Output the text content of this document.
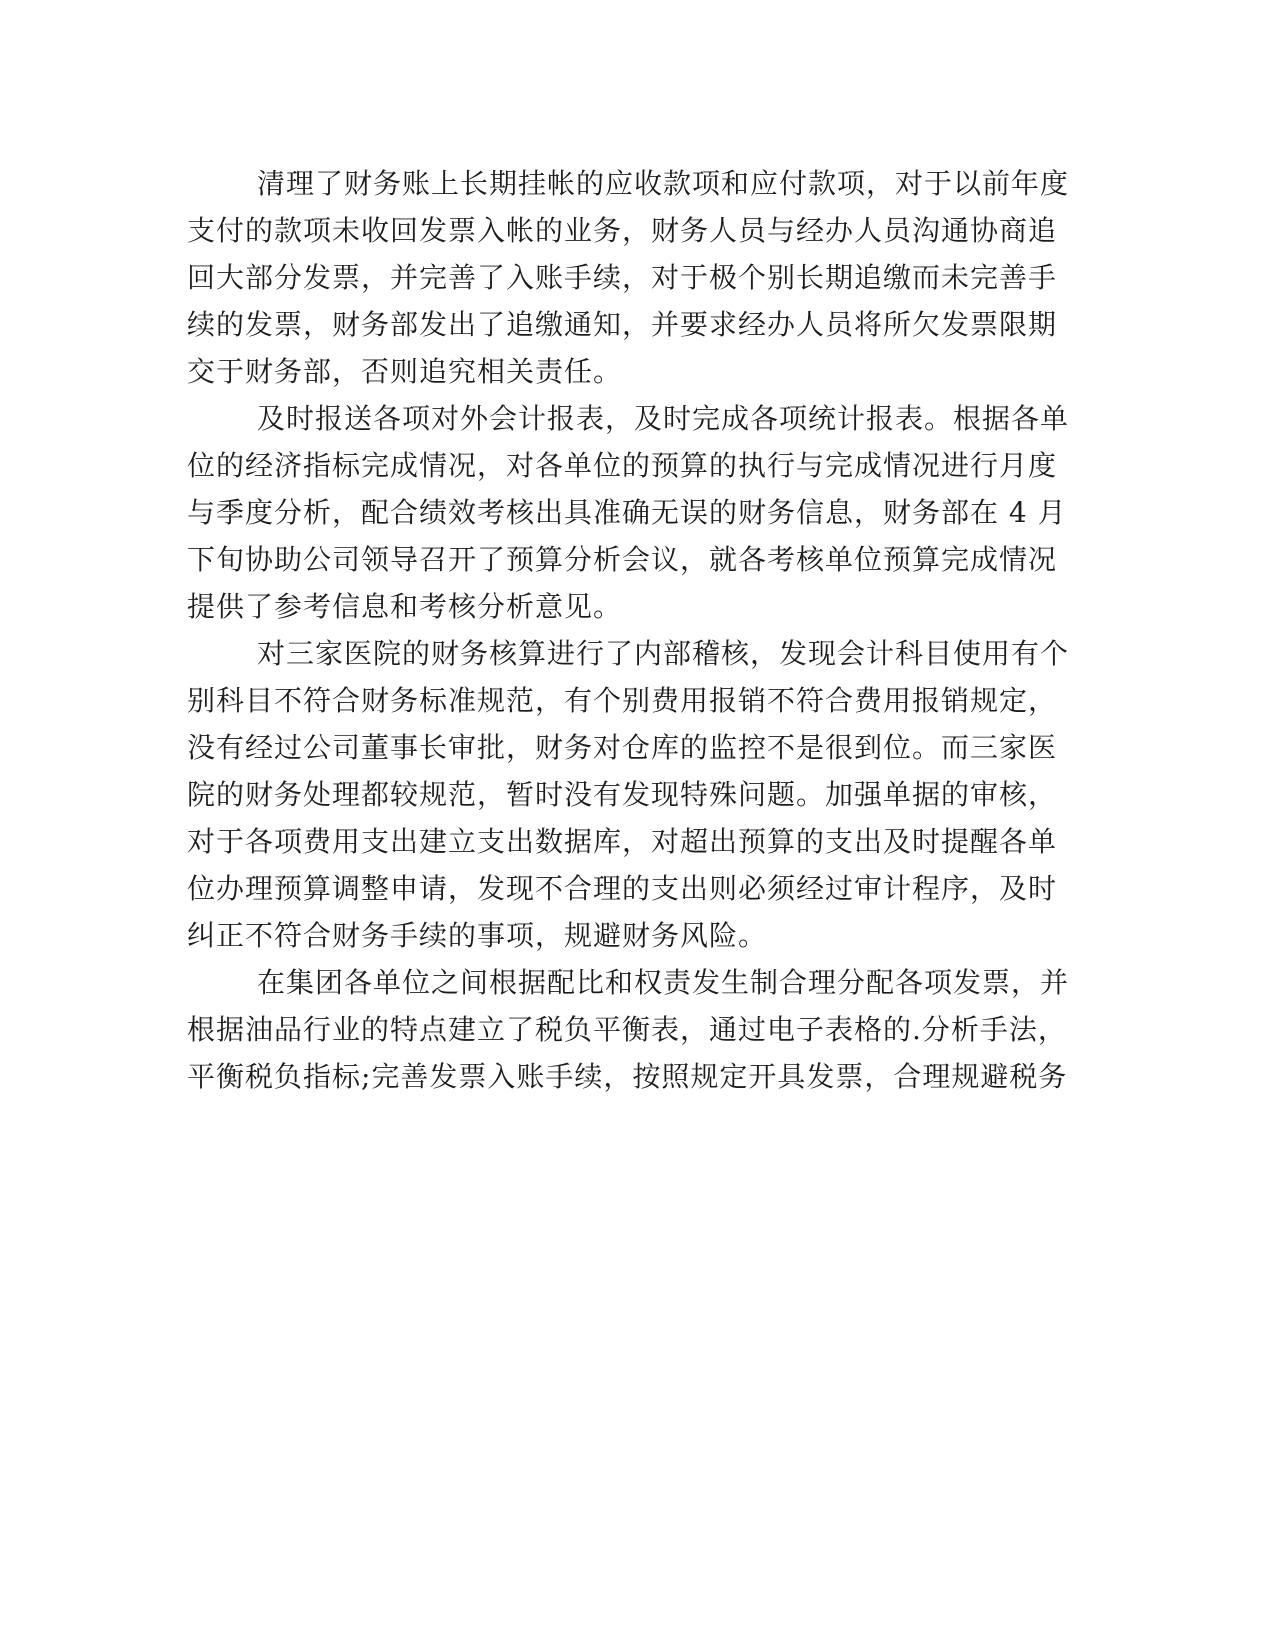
清理了财务账上长期挂帐的应收款项和应付款项，对于以前年度
支付的款项未收回发票入帐的业务，财务人员与经办人员沟通协商追
回大部分发票，并完善了入账手续，对于极个别长期追缴而未完善手
续的发票，财务部发出了追缴通知，并要求经办人员将所欠发票限期
交于财务部，否则追究相关责任。
及时报送各项对外会计报表，及时完成各项统计报表。根据各单
位的经济指标完成情况，对各单位的预算的执行与完成情况进行月度
与季度分析，配合绩效考核出具准确无误的财务信息，财务部在 4 月
下旬协助公司领导召开了预算分析会议，就各考核单位预算完成情况
提供了参考信息和考核分析意见。
对三家医院的财务核算进行了内部稽核，发现会计科目使用有个
别科目不符合财务标准规范，有个别费用报销不符合费用报销规定，
没有经过公司董事长审批，财务对仓库的监控不是很到位。而三家医
院的财务处理都较规范，暂时没有发现特殊问题。加强单据的审核，
对于各项费用支出建立支出数据库，对超出预算的支出及时提醒各单
位办理预算调整申请，发现不合理的支出则必须经过审计程序，及时
纠正不符合财务手续的事项，规避财务风险。
在集团各单位之间根据配比和权责发生制合理分配各项发票，并
根据油品行业的特点建立了税负平衡表，通过电子表格的.分析手法，
平衡税负指标;完善发票入账手续，按照规定开具发票，合理规避税务
